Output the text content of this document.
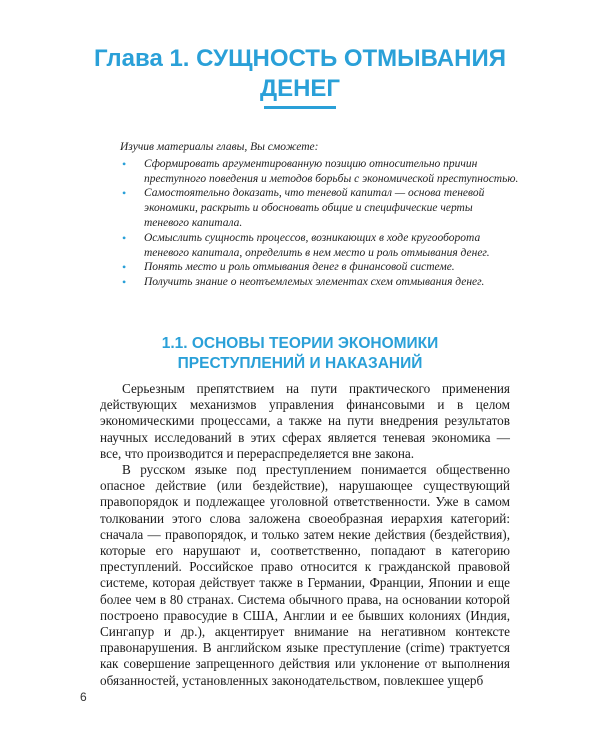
Глава 1. СУЩНОСТЬ ОТМЫВАНИЯ ДЕНЕГ

Изучив материалы главы, Вы сможете:

• Сформировать аргументированную позицию относительно причин преступного поведения и методов борьбы с экономической преступностью.
• Самостоятельно доказать, что теневой капитал — основа теневой экономики, раскрыть и обосновать общие и специфические черты теневого капитала.
• Осмыслить сущность процессов, возникающих в ходе кругооборота теневого капитала, определить в нем место и роль отмывания денег.
• Понять место и роль отмывания денег в финансовой системе.
• Получить знание о неотъемлемых элементах схем отмывания денег.
1.1. ОСНОВЫ ТЕОРИИ ЭКОНОМИКИ ПРЕСТУПЛЕНИЙ И НАКАЗАНИЙ

Серьезным препятствием на пути практического применения действующих механизмов управления финансовыми и в целом экономическими процессами, а также на пути внедрения результатов научных исследований в этих сферах является теневая экономика — все, что производится и перераспределяется вне закона.

В русском языке под преступлением понимается общественно опасное действие (или бездействие), нарушающее существующий правопорядок и подлежащее уголовной ответственности. Уже в самом толковании этого слова заложена своеобразная иерархия категорий: сначала — правопорядок, и только затем некие действия (бездействия), которые его нарушают и, соответственно, попадают в категорию преступлений. Российское право относится к гражданской правовой системе, которая действует также в Германии, Франции, Японии и еще более чем в 80 странах. Система обычного права, на основании которой построено правосудие в США, Англии и ее бывших колониях (Индия, Сингапур и др.), акцентирует внимание на негативном контексте правонарушения. В английском языке преступление (crime) трактуется как совершение запрещенного действия или уклонение от выполнения обязанностей, установленных законодательством, повлекшее ущерб

6
